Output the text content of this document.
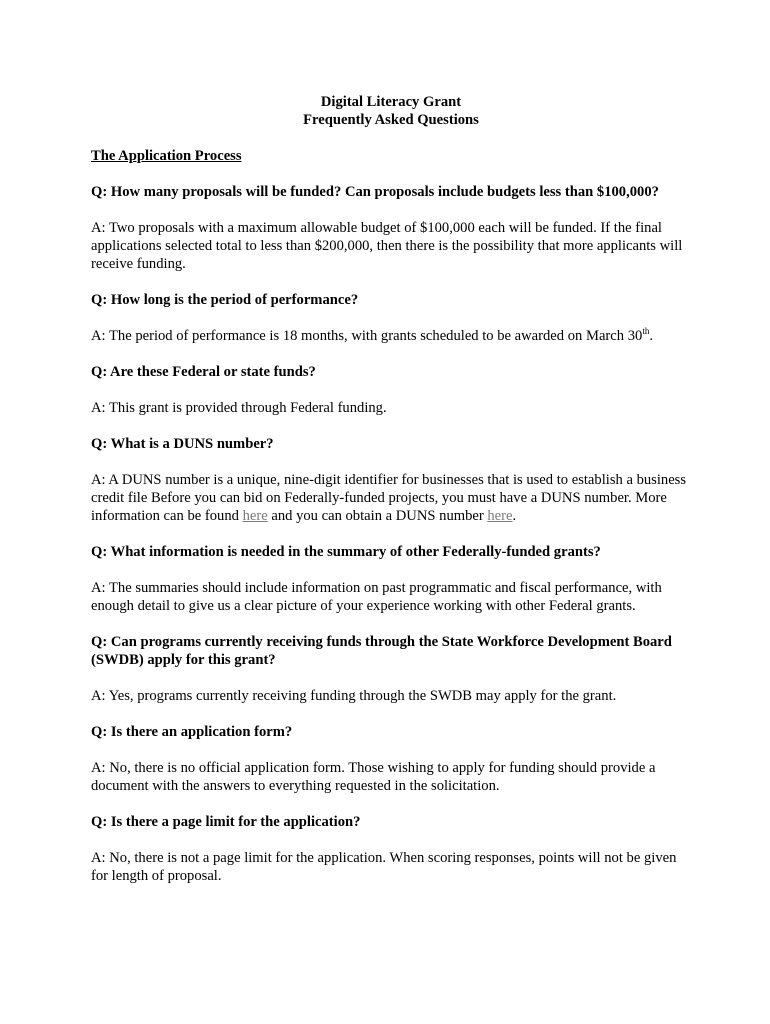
Digital Literacy Grant

Frequently Asked Questions

The Application Process

Q: How many proposals will be funded? Can proposals include budgets less than $100,000?

A: Two proposals with a maximum allowable budget of $100,000 each will be funded. If the final applications selected total to less than $200,000, then there is the possibility that more applicants will receive funding.

Q: How long is the period of performance?

A: The period of performance is 18 months, with grants scheduled to be awarded on March 30th.

Q: Are these Federal or state funds?

A: This grant is provided through Federal funding.

Q: What is a DUNS number?

A: A DUNS number is a unique, nine-digit identifier for businesses that is used to establish a business credit file Before you can bid on Federally-funded projects, you must have a DUNS number. More information can be found here and you can obtain a DUNS number here.

Q: What information is needed in the summary of other Federally-funded grants?

A: The summaries should include information on past programmatic and fiscal performance, with enough detail to give us a clear picture of your experience working with other Federal grants.

Q: Can programs currently receiving funds through the State Workforce Development Board (SWDB) apply for this grant?

A: Yes, programs currently receiving funding through the SWDB may apply for the grant.

Q: Is there an application form?

A: No, there is no official application form. Those wishing to apply for funding should provide a document with the answers to everything requested in the solicitation.

Q: Is there a page limit for the application?

A: No, there is not a page limit for the application. When scoring responses, points will not be given for length of proposal.
